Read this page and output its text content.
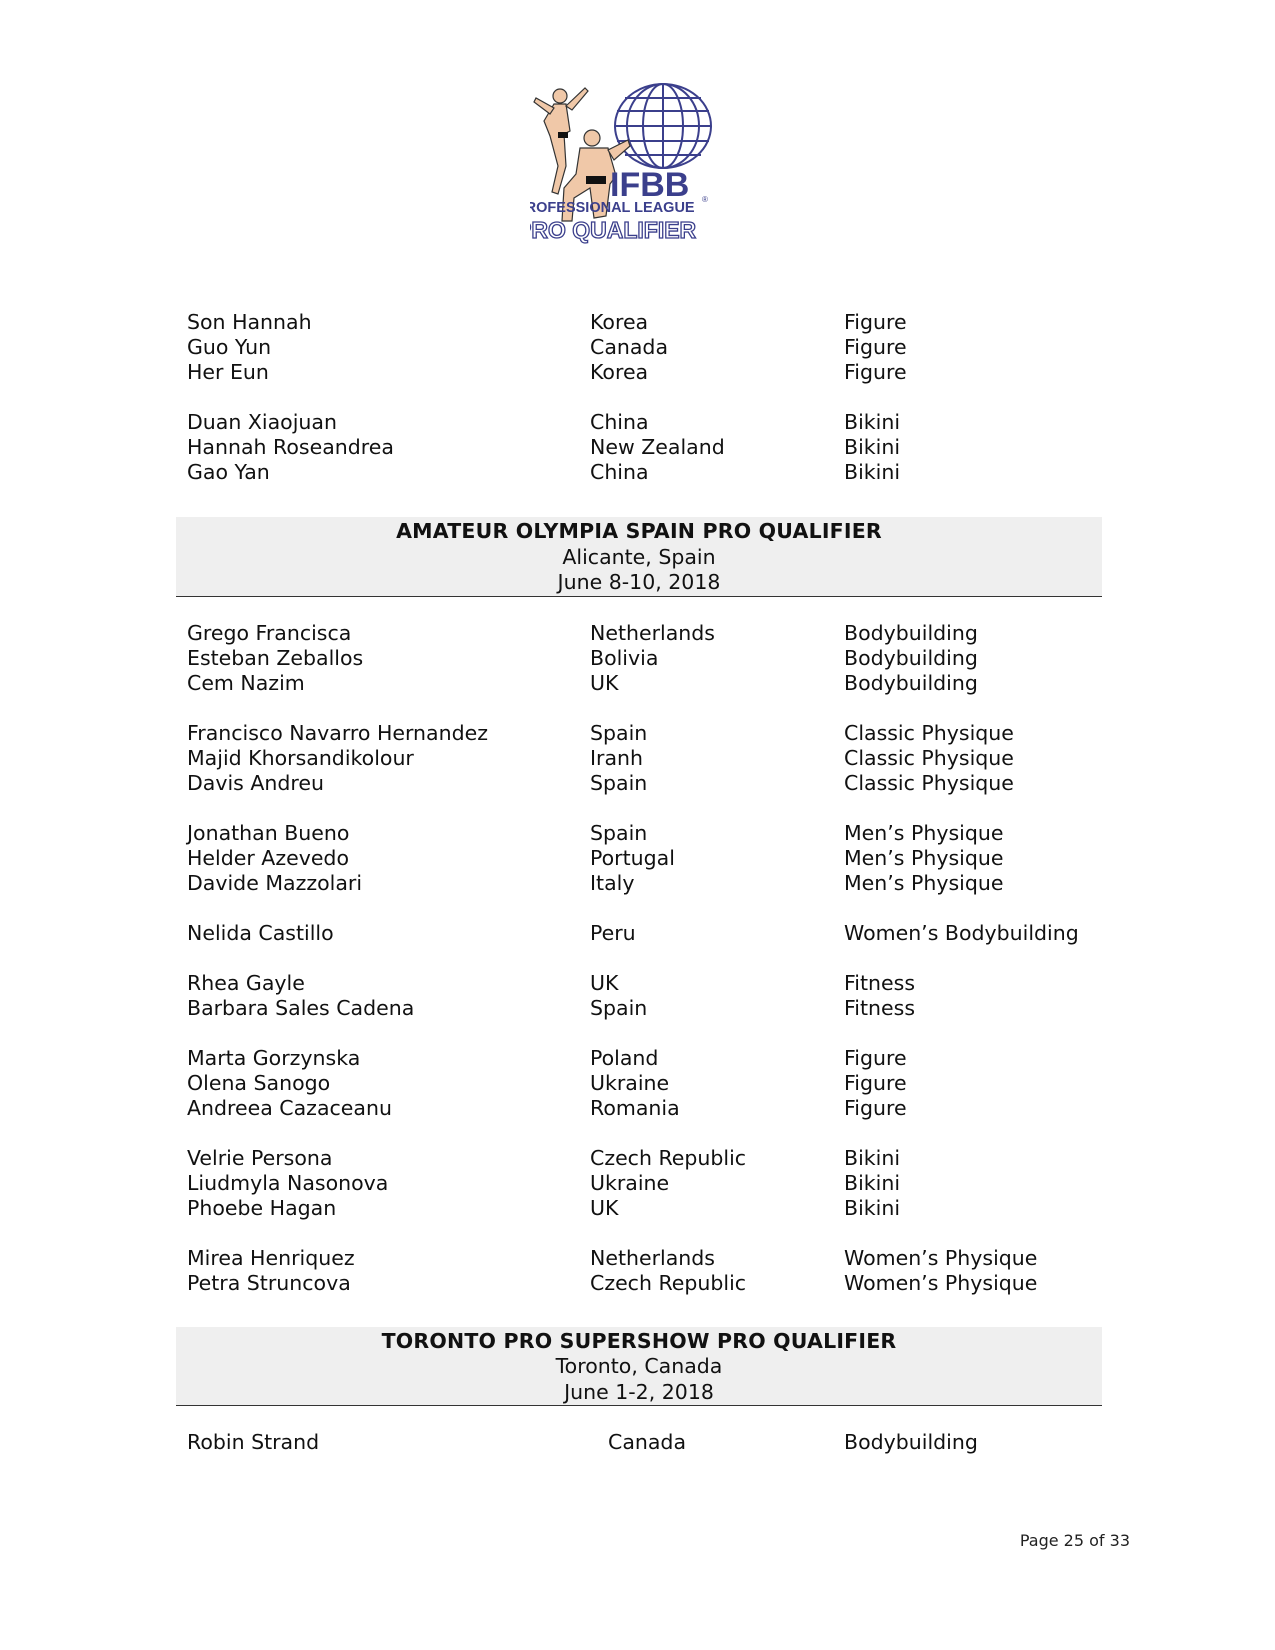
IFBB ®
PROFESSIONAL LEAGUE
PRO QUALIFIER
Son Hannah	Korea	Figure
Guo Yun	Canada	Figure
Her Eun	Korea	Figure
Duan Xiaojuan	China	Bikini
Hannah Roseandrea	New Zealand	Bikini
Gao Yan	China	Bikini
AMATEUR OLYMPIA SPAIN PRO QUALIFIER
Alicante, Spain
June 8-10, 2018
Grego Francisca	Netherlands	Bodybuilding
Esteban Zeballos	Bolivia	Bodybuilding
Cem Nazim	UK	Bodybuilding
Francisco Navarro Hernandez	Spain	Classic Physique
Majid Khorsandikolour	Iranh	Classic Physique
Davis Andreu	Spain	Classic Physique
Jonathan Bueno	Spain	Men’s Physique
Helder Azevedo	Portugal	Men’s Physique
Davide Mazzolari	Italy	Men’s Physique
Nelida Castillo	Peru	Women’s Bodybuilding
Rhea Gayle	UK	Fitness
Barbara Sales Cadena	Spain	Fitness
Marta Gorzynska	Poland	Figure
Olena Sanogo	Ukraine	Figure
Andreea Cazaceanu	Romania	Figure
Velrie Persona	Czech Republic	Bikini
Liudmyla Nasonova	Ukraine	Bikini
Phoebe Hagan	UK	Bikini
Mirea Henriquez	Netherlands	Women’s Physique
Petra Struncova	Czech Republic	Women’s Physique
TORONTO PRO SUPERSHOW PRO QUALIFIER
Toronto, Canada
June 1-2, 2018
Robin Strand	Canada	Bodybuilding
Page 25 of 33
